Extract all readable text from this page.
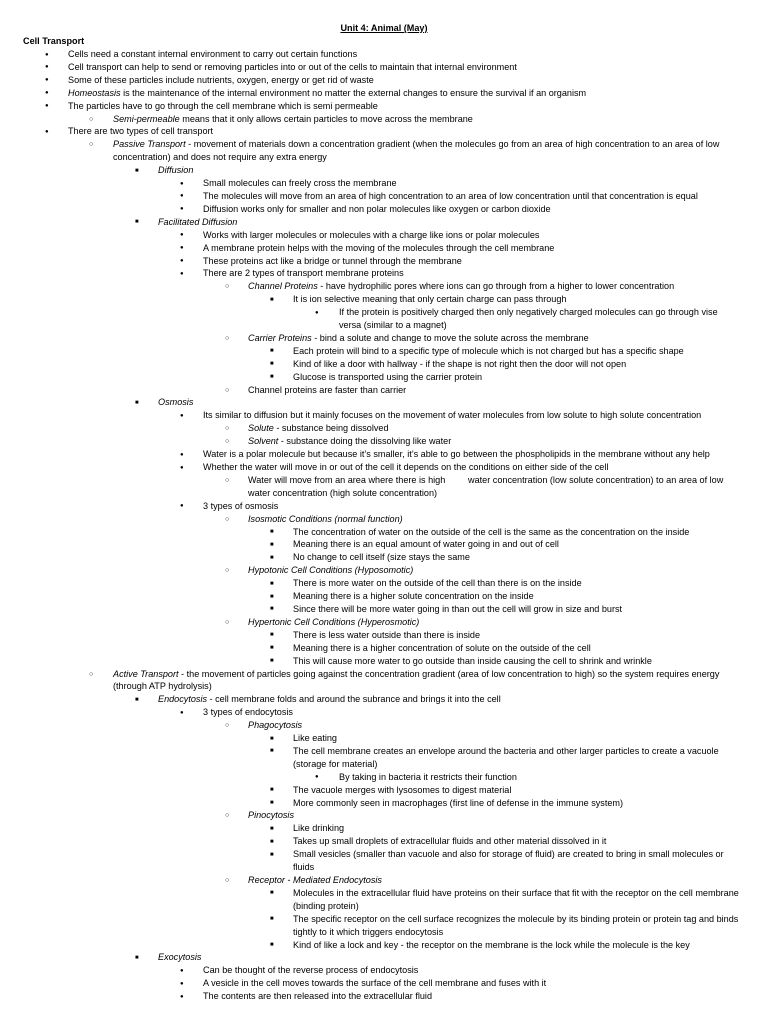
Unit 4: Animal (May)
Cell Transport
●
Cells need a constant internal environment to carry out certain functions
●
Cell transport can help to send or removing particles into or out of the cells to maintain that internal environment
●
Some of these particles include nutrients, oxygen, energy or get rid of waste
●
Homeostasis is the maintenance of the internal environment no matter the external changes to ensure the survival if an organism
●
The particles have to go through the cell membrane which is semi permeable
○
Semi-permeable means that it only allows certain particles to move across the membrane
●
There are two types of cell transport
○
Passive Transport - movement of materials down a concentration gradient (when the molecules go from an area of high concentration to an area of low concentration) and does not require any extra energy
■
Diffusion
●
Small molecules can freely cross the membrane
●
The molecules will move from an area of high concentration to an area of low concentration until that concentration is equal
●
Diffusion works only for smaller and non polar molecules like oxygen or carbon dioxide
■
Facilitated Diffusion
●
Works with larger molecules or molecules with a charge like ions or polar molecules
●
A membrane protein helps with the moving of the molecules through the cell membrane
●
These proteins act like a bridge or tunnel through the membrane
●
There are 2 types of transport membrane proteins
○
Channel Proteins - have hydrophilic pores where ions can go through from a higher to lower concentration
■
It is ion selective meaning that only certain charge can pass through
●
If the protein is positively charged then only negatively charged molecules can go through vise versa (similar to a magnet)
○
Carrier Proteins - bind a solute and change to move the solute across the membrane
■
Each protein will bind to a specific type of molecule which is not charged but has a specific shape
■
Kind of like a door with hallway - if the shape is not right then the door will not open
■
Glucose is transported using the carrier protein
○
Channel proteins are faster than carrier
■
Osmosis
●
Its similar to diffusion but it mainly focuses on the movement of water molecules from low solute to high solute concentration
○
Solute - substance being dissolved
○
Solvent - substance doing the dissolving like water
●
Water is a polar molecule but because it’s smaller, it’s able to go between the phospholipids in the membrane without any help
●
Whether the water will move in or out of the cell it depends on the conditions on either side of the cell
○
Water will move from an area where there is high         water concentration (low solute concentration) to an area of low water concentration (high solute concentration)
●
3 types of osmosis
○
Isosmotic Conditions (normal function)
■
The concentration of water on the outside of the cell is the same as the concentration on the inside
■
Meaning there is an equal amount of water going in and out of cell
■
No change to cell itself (size stays the same
○
Hypotonic Cell Conditions (Hyposomotic)
■
There is more water on the outside of the cell than there is on the inside
■
Meaning there is a higher solute concentration on the inside
■
Since there will be more water going in than out the cell will grow in size and burst
○
Hypertonic Cell Conditions (Hyperosmotic)
■
There is less water outside than there is inside
■
Meaning there is a higher concentration of solute on the outside of the cell
■
This will cause more water to go outside than inside causing the cell to shrink and wrinkle
○
Active Transport - the movement of particles going against the concentration gradient (area of low concentration to high) so the system requires energy (through ATP hydrolysis)
■
Endocytosis - cell membrane folds and around the subrance and brings it into the cell
●
3 types of endocytosis
○
Phagocytosis
■
Like eating
■
The cell membrane creates an envelope around the bacteria and other larger particles to create a vacuole (storage for material)
●
By taking in bacteria it restricts their function
■
The vacuole merges with lysosomes to digest material
■
More commonly seen in macrophages (first line of defense in the immune system)
○
Pinocytosis
■
Like drinking
■
Takes up small droplets of extracellular fluids and other material dissolved in it
■
Small vesicles (smaller than vacuole and also for storage of fluid) are created to bring in small molecules or fluids
○
Receptor - Mediated Endocytosis
■
Molecules in the extracellular fluid have proteins on their surface that fit with the receptor on the cell membrane (binding protein)
■
The specific receptor on the cell surface recognizes the molecule by its binding protein or protein tag and binds tightly to it which triggers endocytosis
■
Kind of like a lock and key - the receptor on the membrane is the lock while the molecule is the key
■
Exocytosis
●
Can be thought of the reverse process of endocytosis
●
A vesicle in the cell moves towards the surface of the cell membrane and fuses with it
●
The contents are then released into the extracellular fluid
